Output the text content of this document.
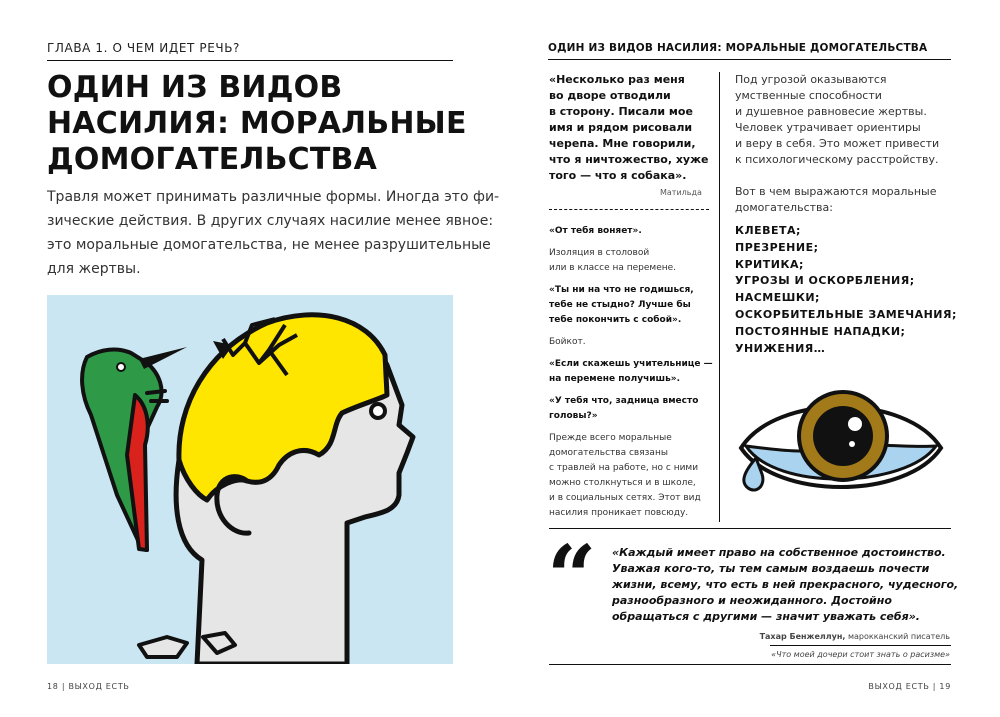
ГЛАВА 1. О ЧЕМ ИДЕТ РЕЧЬ?
ОДИН ИЗ ВИДОВ
НАСИЛИЯ: МОРАЛЬНЫЕ
ДОМОГАТЕЛЬСТВА
Травля может принимать различные формы. Иногда это фи-
зические действия. В других случаях насилие менее явное:
это моральные домогательства, не менее разрушительные
для жертвы.
18 | ВЫХОД ЕСТЬ
ОДИН ИЗ ВИДОВ НАСИЛИЯ: МОРАЛЬНЫЕ ДОМОГАТЕЛЬСТВА
«Несколько раз меня
во дворе отводили
в сторону. Писали мое
имя и рядом рисовали
черепа. Мне говорили,
что я ничтожество, хуже
того — что я собака».
Матильда
«От тебя воняет».
Изоляция в столовой
или в классе на перемене.
«Ты ни на что не годишься,
тебе не стыдно? Лучше бы
тебе покончить с собой».
Бойкот.
«Если скажешь учительнице —
на перемене получишь».
«У тебя что, задница вместо
головы?»
Прежде всего моральные
домогательства связаны
с травлей на работе, но с ними
можно столкнуться и в школе,
и в социальных сетях. Этот вид
насилия проникает повсюду.
Под угрозой оказываются
умственные способности
и душевное равновесие жертвы.
Человек утрачивает ориентиры
и веру в себя. Это может привести
к психологическому расстройству.
Вот в чем выражаются моральные
домогательства:
КЛЕВЕТА;
ПРЕЗРЕНИЕ;
КРИТИКА;
УГРОЗЫ И ОСКОРБЛЕНИЯ;
НАСМЕШКИ;
ОСКОРБИТЕЛЬНЫЕ ЗАМЕЧАНИЯ;
ПОСТОЯННЫЕ НАПАДКИ;
УНИЖЕНИЯ…
“ «Каждый имеет право на собственное достоинство.
Уважая кого-то, ты тем самым воздаешь почести
жизни, всему, что есть в ней прекрасного, чудесного,
разнообразного и неожиданного. Достойно
обращаться с другими — значит уважать себя».
Тахар Бенжеллун, марокканский писатель
«Что моей дочери стоит знать о расизме»
ВЫХОД ЕСТЬ | 19
